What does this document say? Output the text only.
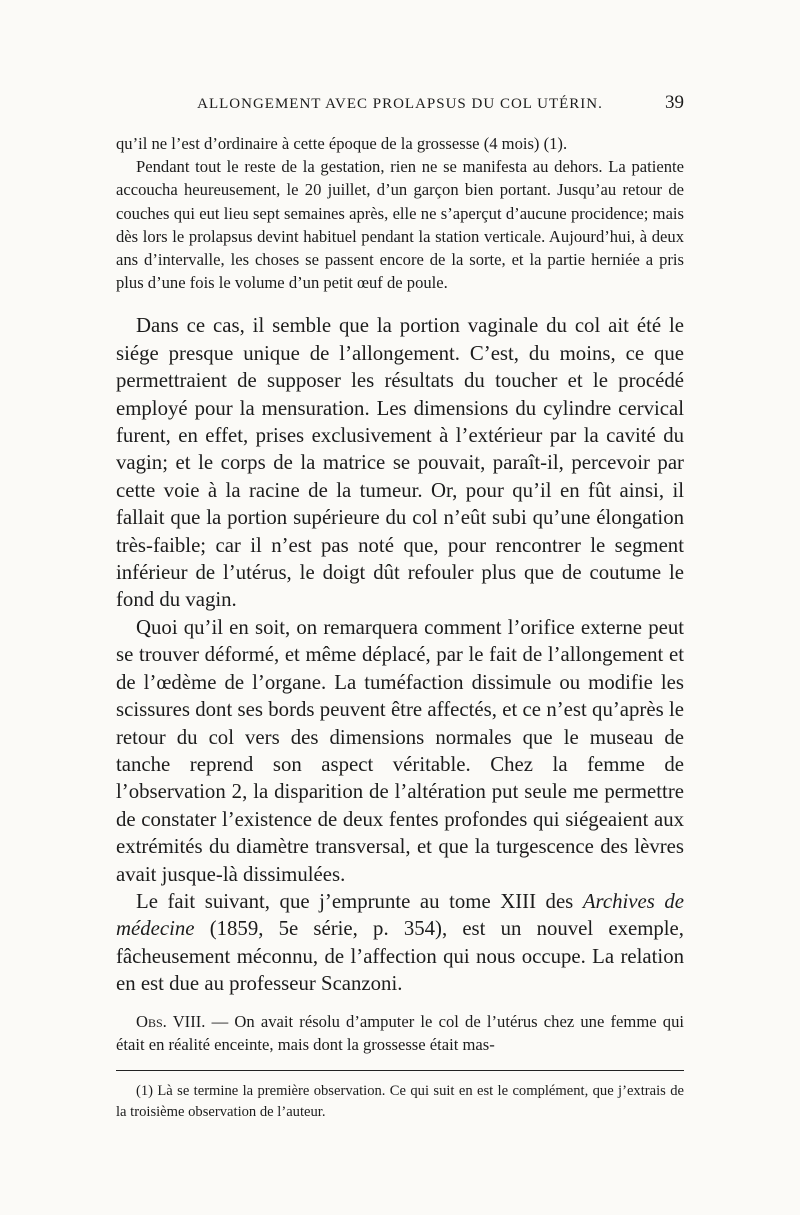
ALLONGEMENT AVEC PROLAPSUS DU COL UTÉRIN.	39

qu’il ne l’est d’ordinaire à cette époque de la grossesse (4 mois) (1).

Pendant tout le reste de la gestation, rien ne se manifesta au dehors. La patiente accoucha heureusement, le 20 juillet, d’un garçon bien portant. Jusqu’au retour de couches qui eut lieu sept semaines après, elle ne s’aperçut d’aucune procidence; mais dès lors le prolapsus devint habituel pendant la station verticale. Aujourd’hui, à deux ans d’intervalle, les choses se passent encore de la sorte, et la partie herniée a pris plus d’une fois le volume d’un petit œuf de poule.

Dans ce cas, il semble que la portion vaginale du col ait été le siége presque unique de l’allongement. C’est, du moins, ce que permettraient de supposer les résultats du toucher et le procédé employé pour la mensuration. Les dimensions du cylindre cervical furent, en effet, prises exclusivement à l’extérieur par la cavité du vagin; et le corps de la matrice se pouvait, paraît-il, percevoir par cette voie à la racine de la tumeur. Or, pour qu’il en fût ainsi, il fallait que la portion supérieure du col n’eût subi qu’une élongation très-faible; car il n’est pas noté que, pour rencontrer le segment inférieur de l’utérus, le doigt dût refouler plus que de coutume le fond du vagin.

Quoi qu’il en soit, on remarquera comment l’orifice externe peut se trouver déformé, et même déplacé, par le fait de l’allongement et de l’œdème de l’organe. La tuméfaction dissimule ou modifie les scissures dont ses bords peuvent être affectés, et ce n’est qu’après le retour du col vers des dimensions normales que le museau de tanche reprend son aspect véritable. Chez la femme de l’observation 2, la disparition de l’altération put seule me permettre de constater l’existence de deux fentes profondes qui siégeaient aux extrémités du diamètre transversal, et que la turgescence des lèvres avait jusque-là dissimulées.

Le fait suivant, que j’emprunte au tome XIII des Archives de médecine (1859, 5e série, p. 354), est un nouvel exemple, fâcheusement méconnu, de l’affection qui nous occupe. La relation en est due au professeur Scanzoni.

Obs. VIII. — On avait résolu d’amputer le col de l’utérus chez une femme qui était en réalité enceinte, mais dont la grossesse était mas-

(1) Là se termine la première observation. Ce qui suit en est le complément, que j’extrais de la troisième observation de l’auteur.
